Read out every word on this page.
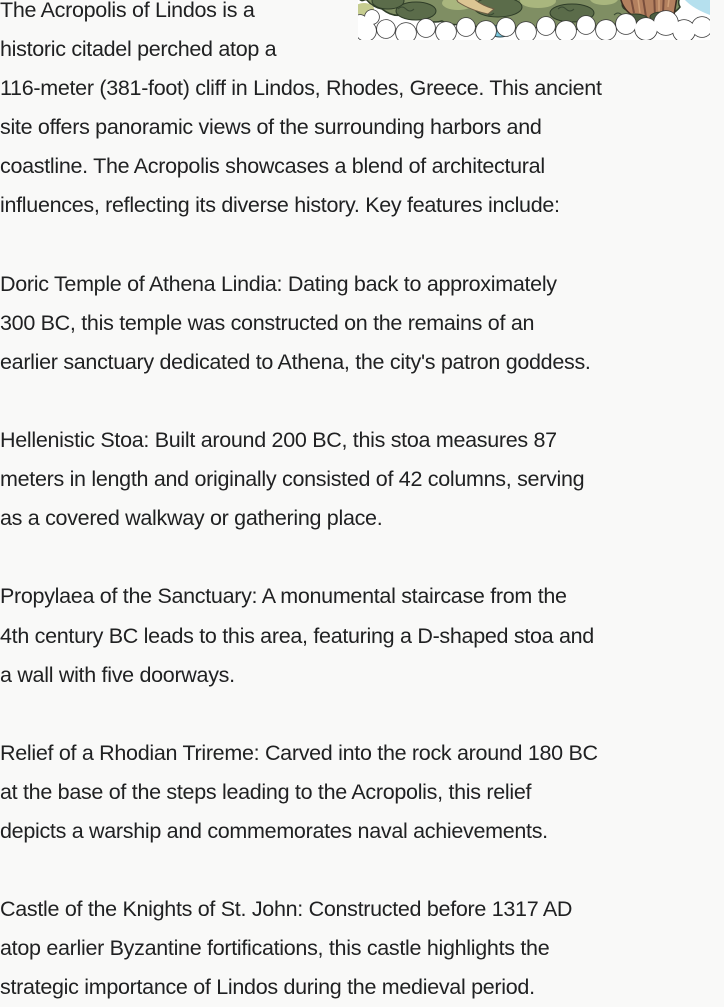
The Acropolis of Lindos is a
historic citadel perched atop a
116-meter (381-foot) cliff in Lindos, Rhodes, Greece. This ancient
site offers panoramic views of the surrounding harbors and
coastline. The Acropolis showcases a blend of architectural
influences, reflecting its diverse history. Key features include:

Doric Temple of Athena Lindia: Dating back to approximately
300 BC, this temple was constructed on the remains of an
earlier sanctuary dedicated to Athena, the city's patron goddess.

Hellenistic Stoa: Built around 200 BC, this stoa measures 87
meters in length and originally consisted of 42 columns, serving
as a covered walkway or gathering place.

Propylaea of the Sanctuary: A monumental staircase from the
4th century BC leads to this area, featuring a D-shaped stoa and
a wall with five doorways.

Relief of a Rhodian Trireme: Carved into the rock around 180 BC
at the base of the steps leading to the Acropolis, this relief
depicts a warship and commemorates naval achievements.

Castle of the Knights of St. John: Constructed before 1317 AD
atop earlier Byzantine fortifications, this castle highlights the
strategic importance of Lindos during the medieval period.
